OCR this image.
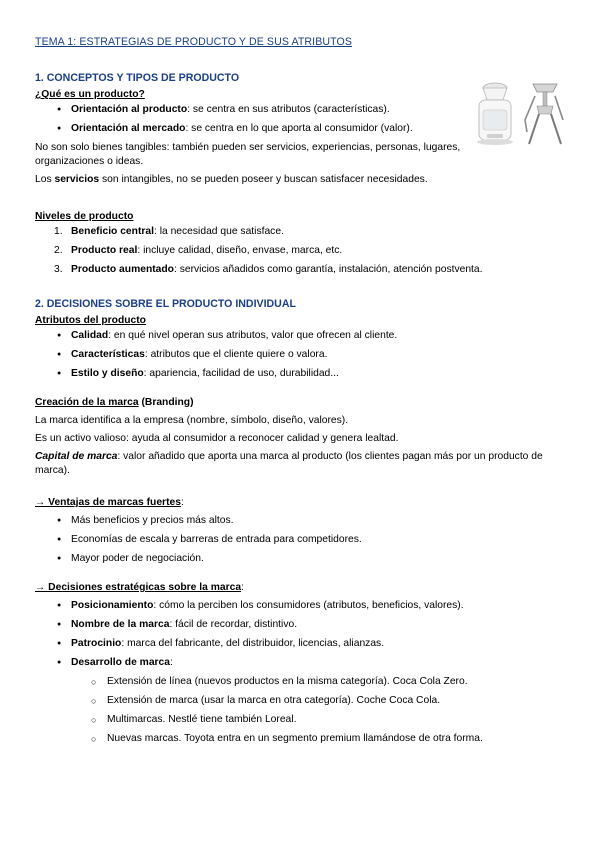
TEMA 1: ESTRATEGIAS DE PRODUCTO Y DE SUS ATRIBUTOS
1. CONCEPTOS Y TIPOS DE PRODUCTO
¿Qué es un producto?
● Orientación al producto: se centra en sus atributos (características).
● Orientación al mercado: se centra en lo que aporta al consumidor (valor).
No son solo bienes tangibles: también pueden ser servicios, experiencias, personas, lugares, organizaciones o ideas.
Los servicios son intangibles, no se pueden poseer y buscan satisfacer necesidades.
Niveles de producto
1. Beneficio central: la necesidad que satisface.
2. Producto real: incluye calidad, diseño, envase, marca, etc.
3. Producto aumentado: servicios añadidos como garantía, instalación, atención postventa.
2. DECISIONES SOBRE EL PRODUCTO INDIVIDUAL
Atributos del producto
● Calidad: en qué nivel operan sus atributos, valor que ofrecen al cliente.
● Características: atributos que el cliente quiere o valora.
● Estilo y diseño: apariencia, facilidad de uso, durabilidad...
Creación de la marca (Branding)
La marca identifica a la empresa (nombre, símbolo, diseño, valores).
Es un activo valioso: ayuda al consumidor a reconocer calidad y genera lealtad.
Capital de marca: valor añadido que aporta una marca al producto (los clientes pagan más por un producto de marca).
→ Ventajas de marcas fuertes:
● Más beneficios y precios más altos.
● Economías de escala y barreras de entrada para competidores.
● Mayor poder de negociación.
→ Decisiones estratégicas sobre la marca:
● Posicionamiento: cómo la perciben los consumidores (atributos, beneficios, valores).
● Nombre de la marca: fácil de recordar, distintivo.
● Patrocinio: marca del fabricante, del distribuidor, licencias, alianzas.
● Desarrollo de marca:
○ Extensión de línea (nuevos productos en la misma categoría). Coca Cola Zero.
○ Extensión de marca (usar la marca en otra categoría). Coche Coca Cola.
○ Multimarcas. Nestlé tiene también Loreal.
○ Nuevas marcas. Toyota entra en un segmento premium llamándose de otra forma.
